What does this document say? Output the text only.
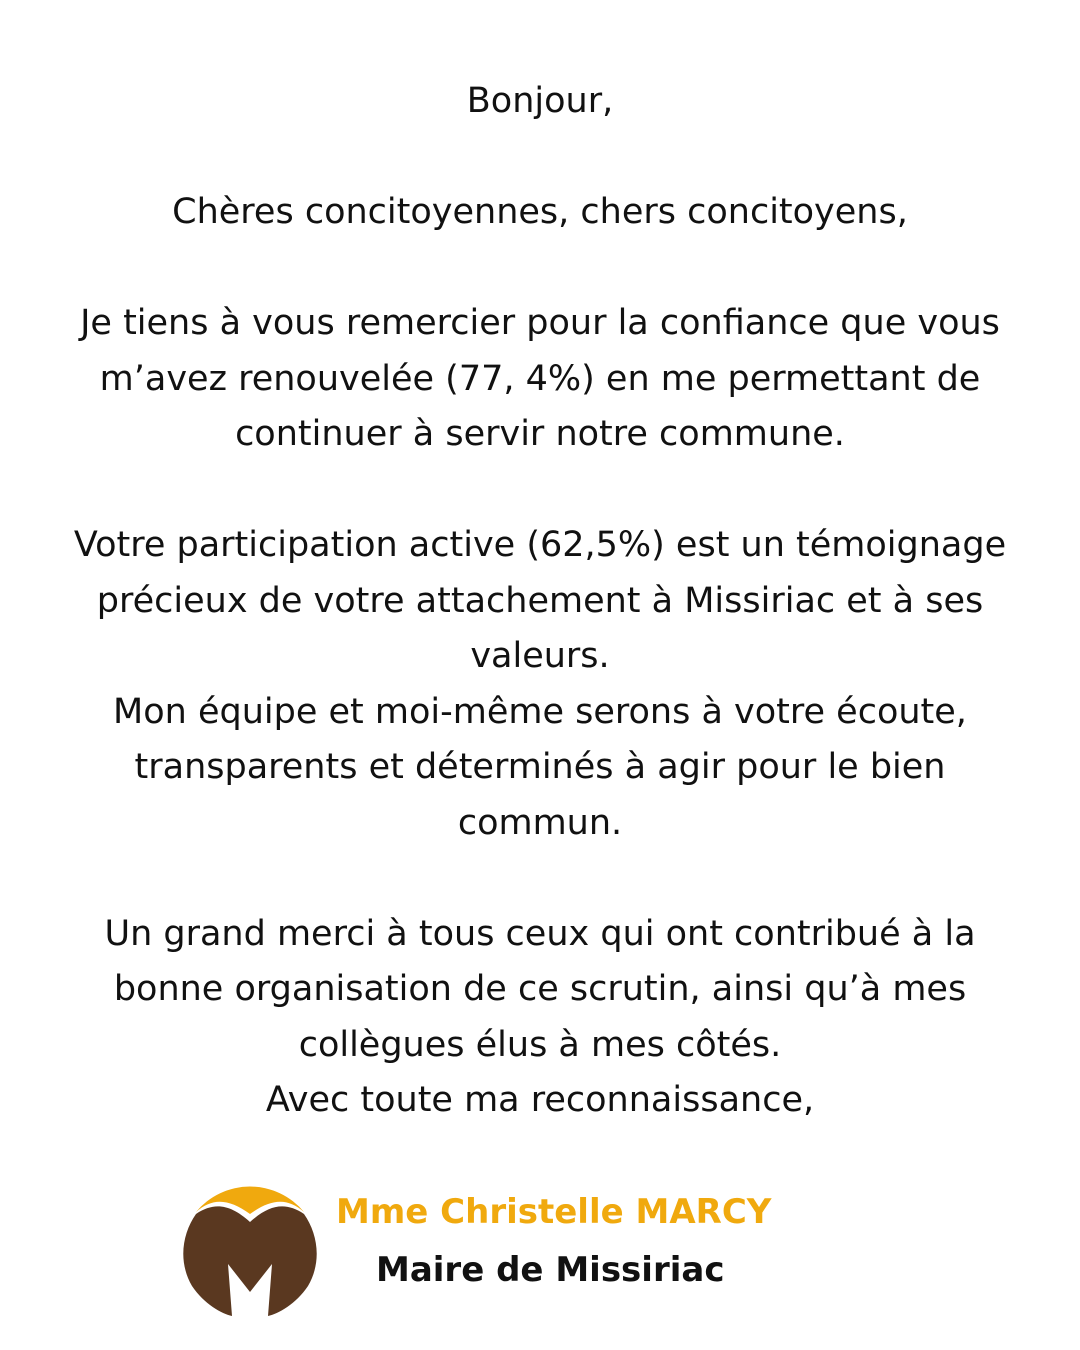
Bonjour,

Chères concitoyennes, chers concitoyens,

Je tiens à vous remercier pour la confiance que vous

m’avez renouvelée (77, 4%) en me permettant de

continuer à servir notre commune.

Votre participation active (62,5%) est un témoignage

précieux de votre attachement à Missiriac et à ses

valeurs.

Mon équipe et moi-même serons à votre écoute,

transparents et déterminés à agir pour le bien

commun.

Un grand merci à tous ceux qui ont contribué à la

bonne organisation de ce scrutin, ainsi qu’à mes

collègues élus à mes côtés.

Avec toute ma reconnaissance,

Mme Christelle MARCY
Maire de Missiriac
